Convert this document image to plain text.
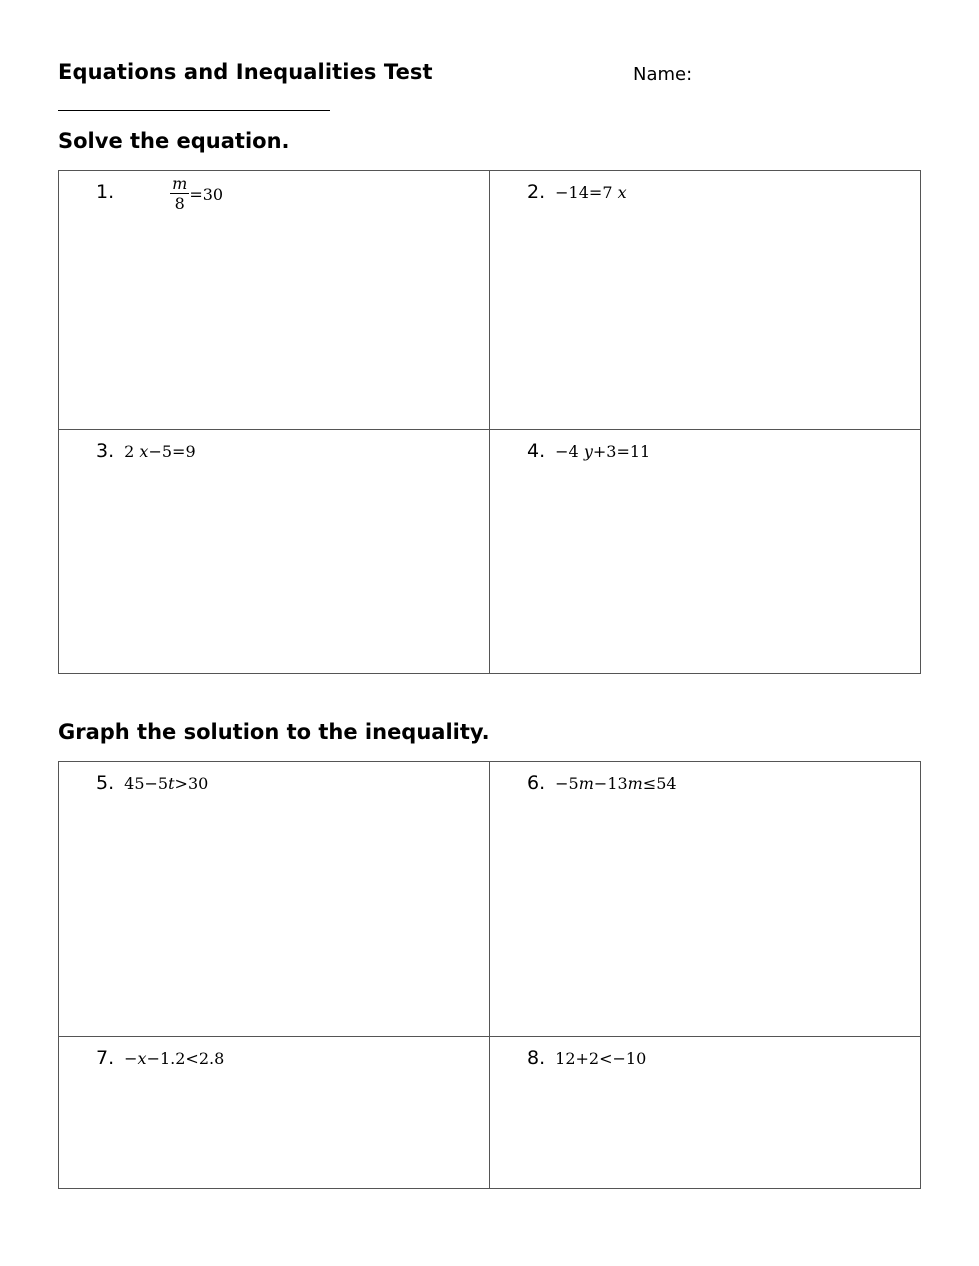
Equations and Inequalities Test	Name:
Solve the equation.
1. $\frac{m}{8} =30$	2. −14=7 x

3. 2 x−5=9	4. −4 y+3=11
Graph the solution to the inequality.
5. 45−5t>30	6. −5m−13m≤54

7. −x−1.2<2.8	8. 12+2<−10
